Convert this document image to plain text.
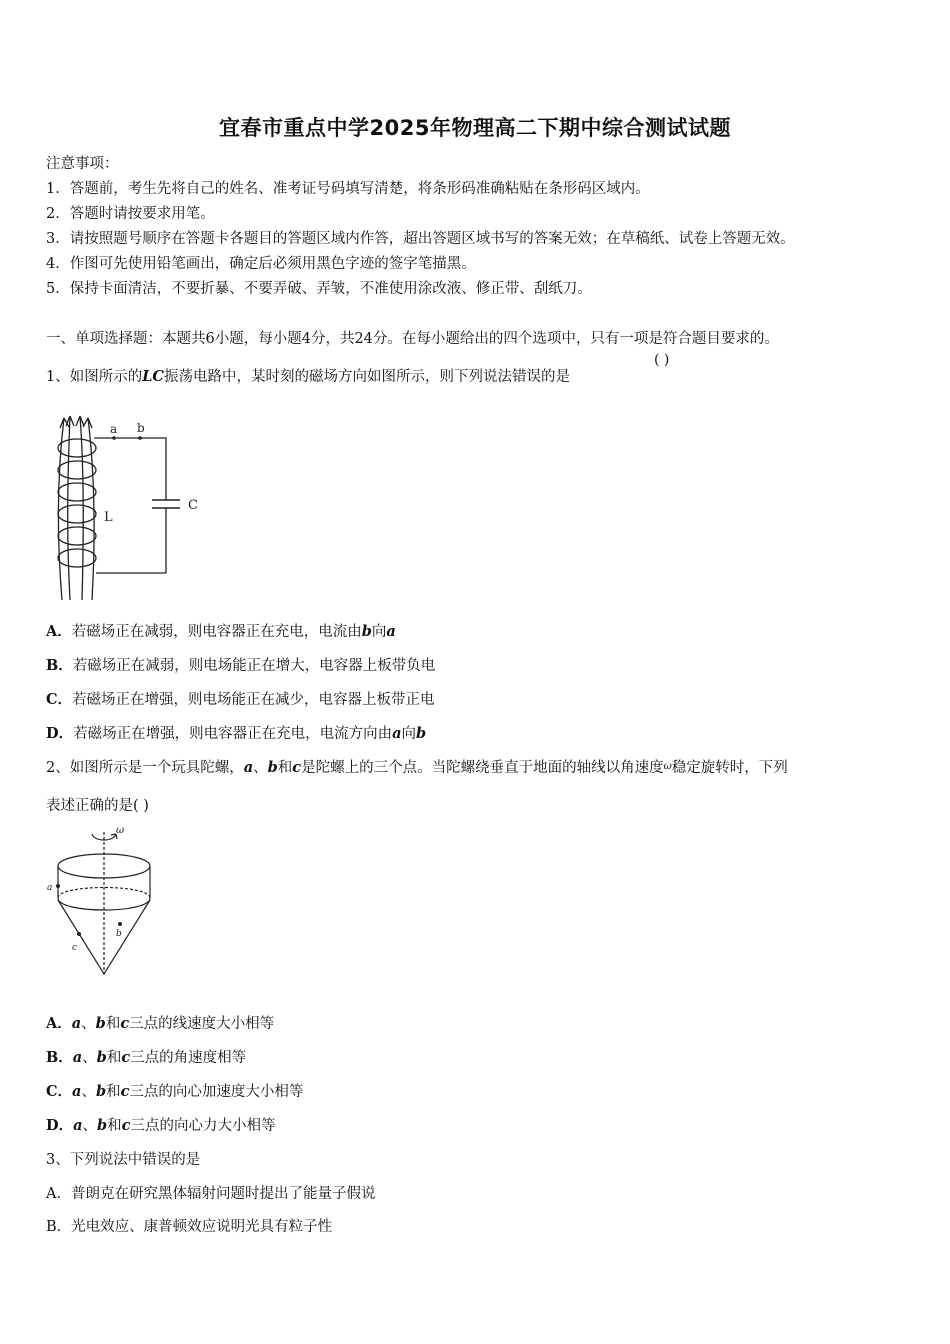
宜春市重点中学2025年物理高二下期中综合测试试题
注意事项：
1．答题前，考生先将自己的姓名、准考证号码填写清楚，将条形码准确粘贴在条形码区域内。
2．答题时请按要求用笔。
3．请按照题号顺序在答题卡各题目的答题区域内作答，超出答题区域书写的答案无效；在草稿纸、试卷上答题无效。
4．作图可先使用铅笔画出，确定后必须用黑色字迹的签字笔描黑。
5．保持卡面清洁，不要折暴、不要弄破、弄皱，不准使用涂改液、修正带、刮纸刀。
一、单项选择题：本题共6小题，每小题4分，共24分。在每小题给出的四个选项中，只有一项是符合题目要求的。
1、如图所示的LC振荡电路中，某时刻的磁场方向如图所示，则下列说法错误的是
( )
a b
L
C
A．若磁场正在减弱，则电容器正在充电，电流由b向a
B．若磁场正在减弱，则电场能正在增大，电容器上板带负电
C．若磁场正在增强，则电场能正在减少，电容器上板带正电
D．若磁场正在增强，则电容器正在充电，电流方向由a向b
2、如图所示是一个玩具陀螺，a、b和c是陀螺上的三个点。当陀螺绕垂直于地面的轴线以角速度$^\omega$稳定旋转时，下列
表述正确的是( )
ω
a
b
c
A．a、b和c三点的线速度大小相等
B．a、b和c三点的角速度相等
C．a、b和c三点的向心加速度大小相等
D．a、b和c三点的向心力大小相等
3、下列说法中错误的是
A．普朗克在研究黑体辐射问题时提出了能量子假说
B．光电效应、康普顿效应说明光具有粒子性
